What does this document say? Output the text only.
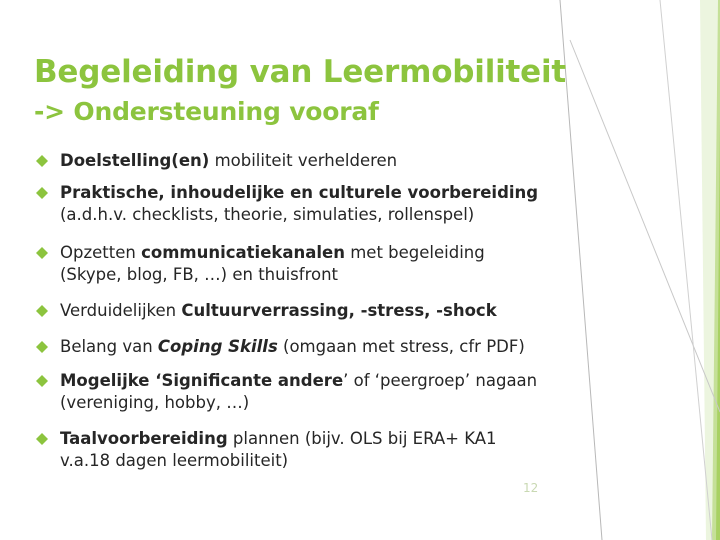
Begeleiding van Leermobiliteit
-> Ondersteuning vooraf
Doelstelling(en) mobiliteit verhelderen
Praktische, inhoudelijke en culturele voorbereiding
(a.d.h.v. checklists, theorie, simulaties, rollenspel)
Opzetten communicatiekanalen met begeleiding
(Skype, blog, FB, …) en thuisfront
Verduidelijken Cultuurverrassing, -stress, -shock
Belang van Coping Skills (omgaan met stress, cfr PDF)
Mogelijke ‘Significante andere’ of ‘peergroep’ nagaan
(vereniging, hobby, …)
Taalvoorbereiding plannen (bijv. OLS bij ERA+ KA1
v.a.18 dagen leermobiliteit)
12
